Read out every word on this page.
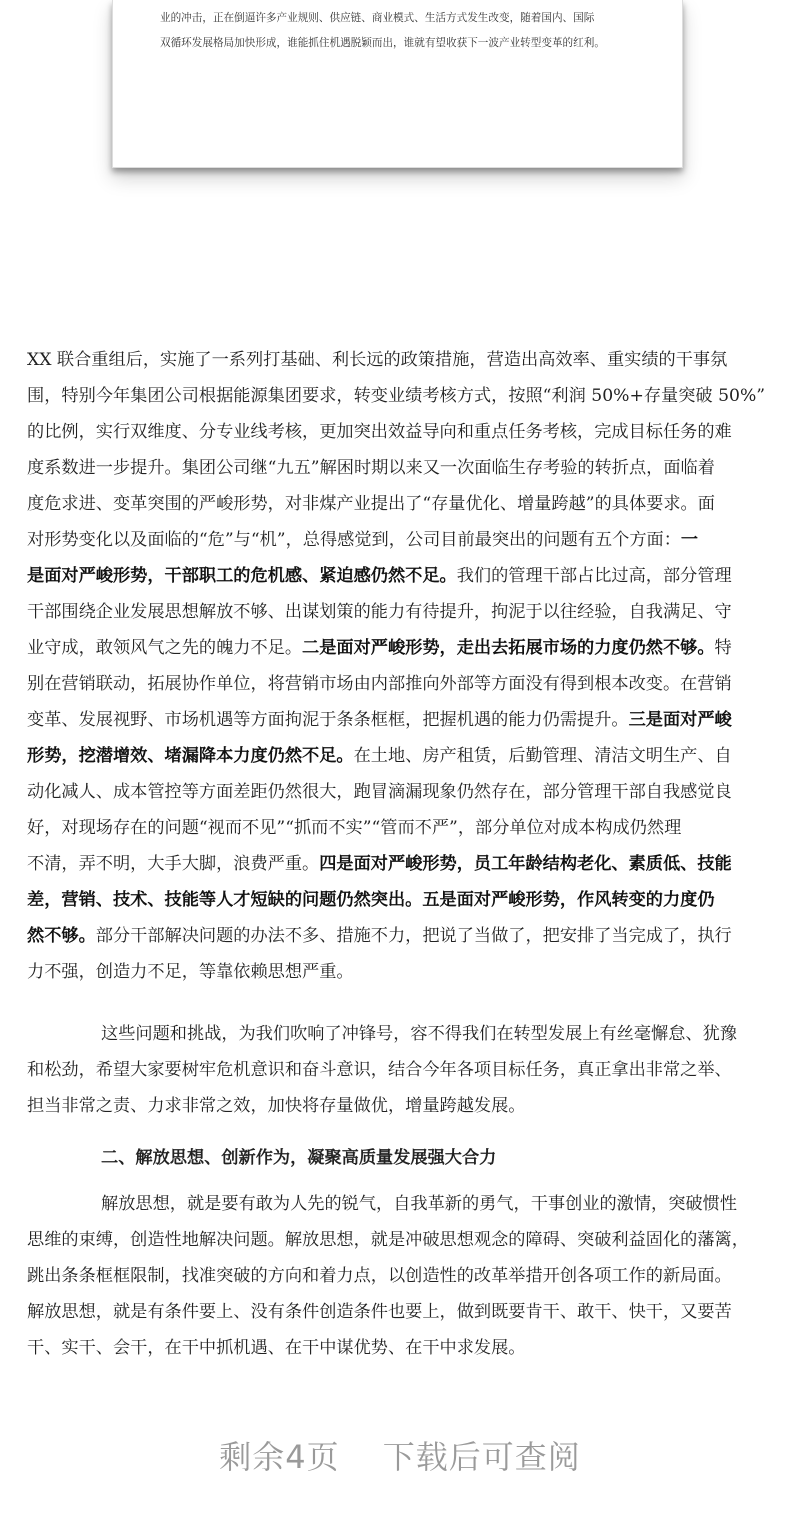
业的冲击，正在倒逼许多产业规则、供应链、商业模式、生活方式发生改变，随着国内、国际
双循环发展格局加快形成，谁能抓住机遇脱颖而出，谁就有望收获下一波产业转型变革的红利。
XX 联合重组后，实施了一系列打基础、利长远的政策措施，营造出高效率、重实绩的干事氛
围，特别今年集团公司根据能源集团要求，转变业绩考核方式，按照“利润 50%+存量突破 50%”
的比例，实行双维度、分专业线考核，更加突出效益导向和重点任务考核，完成目标任务的难
度系数进一步提升。集团公司继“九五”解困时期以来又一次面临生存考验的转折点，面临着
度危求进、变革突围的严峻形势，对非煤产业提出了“存量优化、增量跨越”的具体要求。面
对形势变化以及面临的“危”与“机”，总得感觉到，公司目前最突出的问题有五个方面：一
是面对严峻形势，干部职工的危机感、紧迫感仍然不足。我们的管理干部占比过高，部分管理
干部围绕企业发展思想解放不够、出谋划策的能力有待提升，拘泥于以往经验，自我满足、守
业守成，敢领风气之先的魄力不足。二是面对严峻形势，走出去拓展市场的力度仍然不够。特
别在营销联动，拓展协作单位，将营销市场由内部推向外部等方面没有得到根本改变。在营销
变革、发展视野、市场机遇等方面拘泥于条条框框，把握机遇的能力仍需提升。三是面对严峻
形势，挖潜增效、堵漏降本力度仍然不足。在土地、房产租赁，后勤管理、清洁文明生产、自
动化减人、成本管控等方面差距仍然很大，跑冒滴漏现象仍然存在，部分管理干部自我感觉良
好，对现场存在的问题“视而不见”“抓而不实”“管而不严”，部分单位对成本构成仍然理
不清，弄不明，大手大脚，浪费严重。四是面对严峻形势，员工年龄结构老化、素质低、技能
差，营销、技术、技能等人才短缺的问题仍然突出。五是面对严峻形势，作风转变的力度仍
然不够。部分干部解决问题的办法不多、措施不力，把说了当做了，把安排了当完成了，执行
力不强，创造力不足，等靠依赖思想严重。
这些问题和挑战，为我们吹响了冲锋号，容不得我们在转型发展上有丝毫懈怠、犹豫
和松劲，希望大家要树牢危机意识和奋斗意识，结合今年各项目标任务，真正拿出非常之举、
担当非常之责、力求非常之效，加快将存量做优，增量跨越发展。
二、解放思想、创新作为，凝聚高质量发展强大合力
解放思想，就是要有敢为人先的锐气，自我革新的勇气，干事创业的激情，突破惯性
思维的束缚，创造性地解决问题。解放思想，就是冲破思想观念的障碍、突破利益固化的藩篱，
跳出条条框框限制，找准突破的方向和着力点，以创造性的改革举措开创各项工作的新局面。
解放思想，就是有条件要上、没有条件创造条件也要上，做到既要肯干、敢干、快干，又要苦
干、实干、会干，在干中抓机遇、在干中谋优势、在干中求发展。
剩余4页 下载后可查阅
